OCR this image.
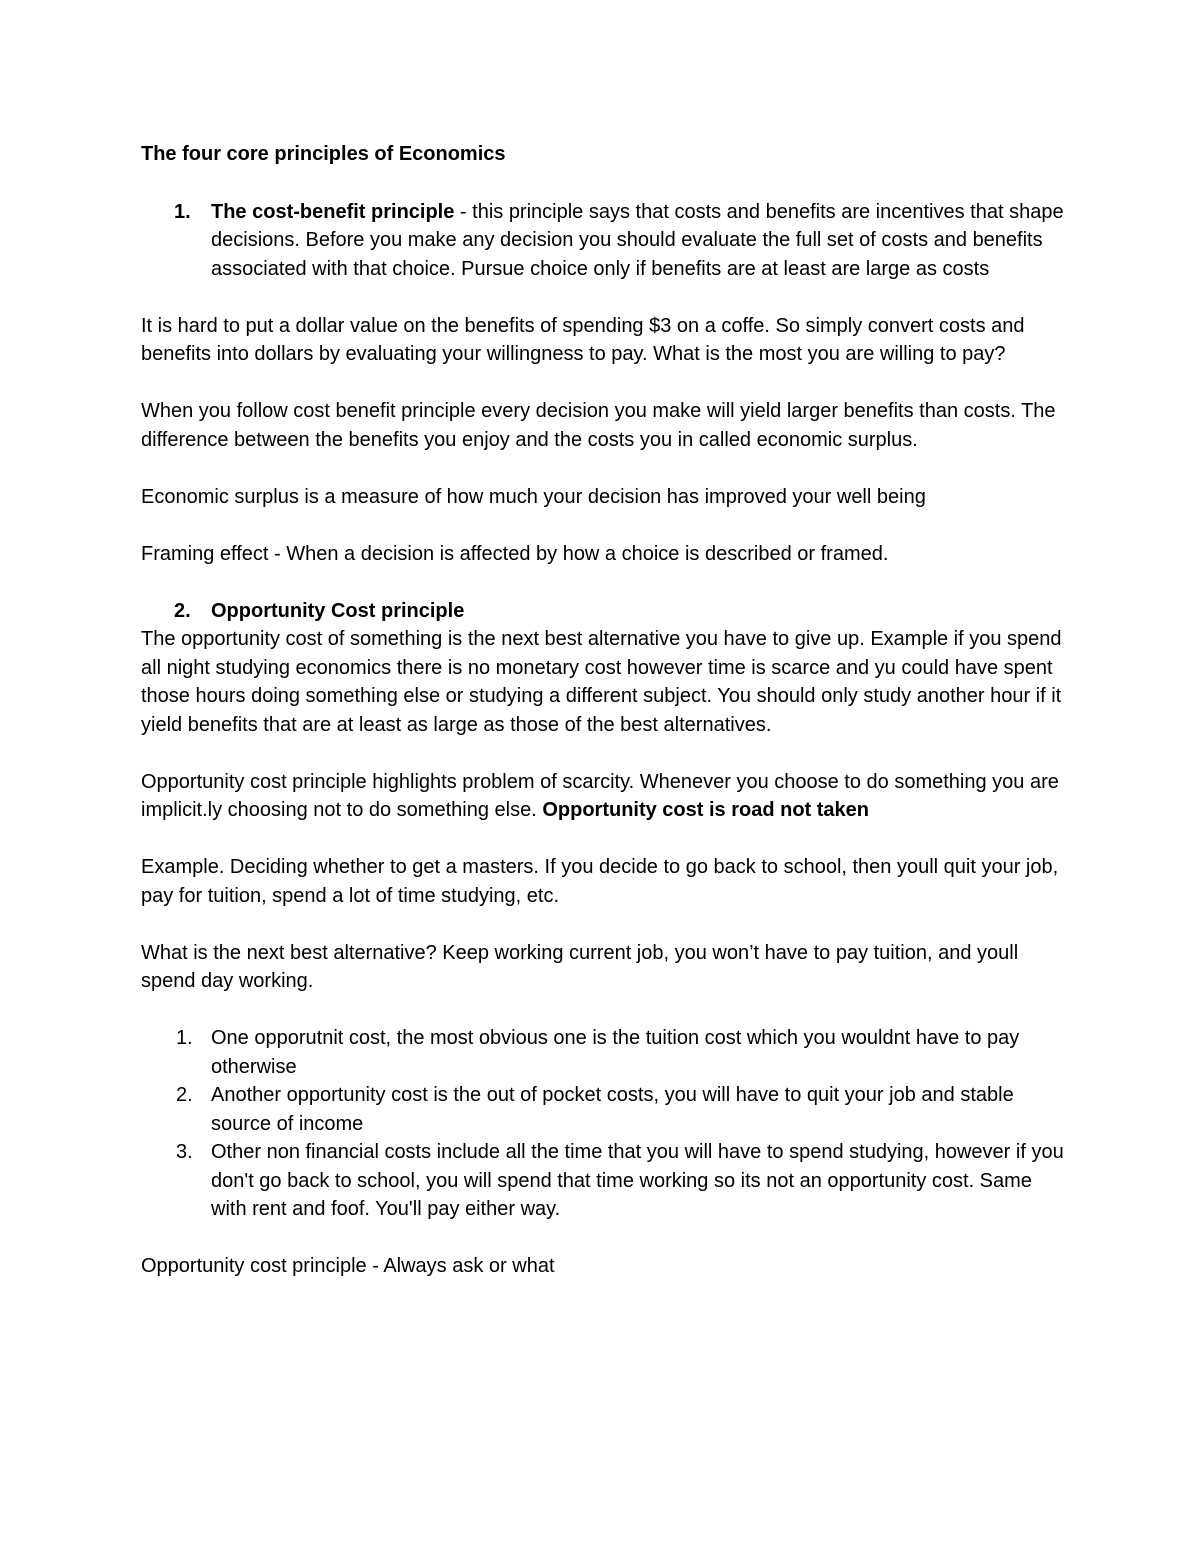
The four core principles of Economics
1. The cost-benefit principle - this principle says that costs and benefits are incentives that shape decisions. Before you make any decision you should evaluate the full set of costs and benefits associated with that choice. Pursue choice only if benefits are at least are large as costs

It is hard to put a dollar value on the benefits of spending $3 on a coffe. So simply convert costs and benefits into dollars by evaluating your willingness to pay. What is the most you are willing to pay?

When you follow cost benefit principle every decision you make will yield larger benefits than costs. The difference between the benefits you enjoy and the costs you in called economic surplus.

Economic surplus is a measure of how much your decision has improved your well being

Framing effect - When a decision is affected by how a choice is described or framed.

2. Opportunity Cost principle

The opportunity cost of something is the next best alternative you have to give up. Example if you spend all night studying economics there is no monetary cost however time is scarce and yu could have spent those hours doing something else or studying a different subject. You should only study another hour if it yield benefits that are at least as large as those of the best alternatives.

Opportunity cost principle highlights problem of scarcity. Whenever you choose to do something you are implicit.ly choosing not to do something else. Opportunity cost is road not taken

Example. Deciding whether to get a masters. If you decide to go back to school, then youll quit your job, pay for tuition, spend a lot of time studying, etc.

What is the next best alternative? Keep working current job, you won’t have to pay tuition, and youll spend day working.

1. One opporutnit cost, the most obvious one is the tuition cost which you wouldnt have to pay otherwise
2. Another opportunity cost is the out of pocket costs, you will have to quit your job and stable source of income
3. Other non financial costs include all the time that you will have to spend studying, however if you don't go back to school, you will spend that time working so its not an opportunity cost. Same with rent and foof. You'll pay either way.

Opportunity cost principle - Always ask or what
